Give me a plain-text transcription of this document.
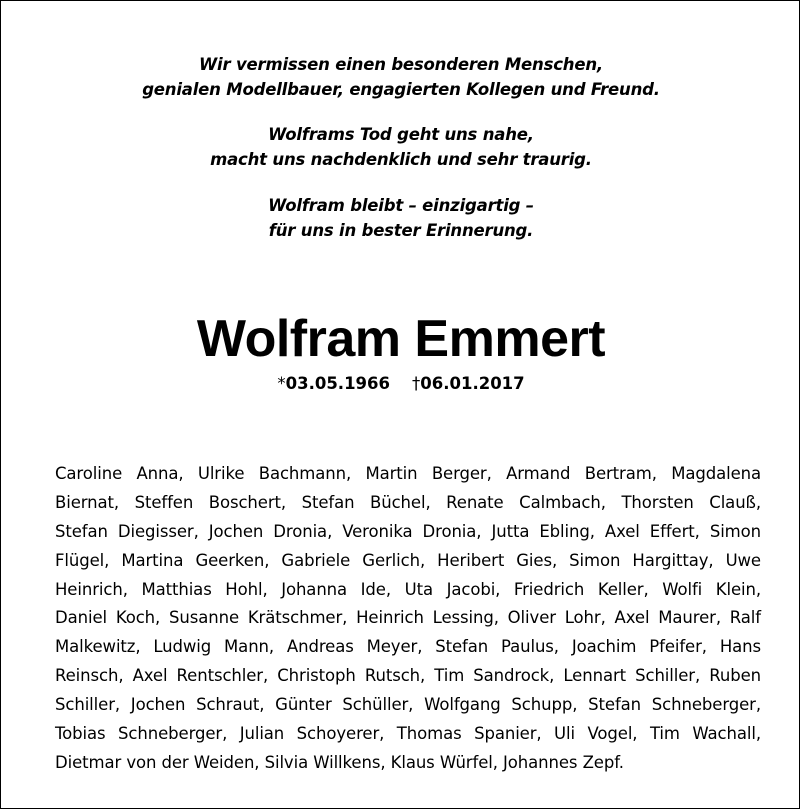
Wir vermissen einen besonderen Menschen,
genialen Modellbauer, engagierten Kollegen und Freund.
Wolframs Tod geht uns nahe,
macht uns nachdenklich und sehr traurig.
Wolfram bleibt – einzigartig –
für uns in bester Erinnerung.
Wolfram Emmert
*03.05.1966 †06.01.2017
Caroline Anna, Ulrike Bachmann, Martin Berger, Armand Bertram, Magdalena
Biernat, Steffen Boschert, Stefan Büchel, Renate Calmbach, Thorsten Clauß,
Stefan Diegisser, Jochen Dronia, Veronika Dronia, Jutta Ebling, Axel Effert, Simon
Flügel, Martina Geerken, Gabriele Gerlich, Heribert Gies, Simon Hargittay, Uwe
Heinrich, Matthias Hohl, Johanna Ide, Uta Jacobi, Friedrich Keller, Wolfi Klein,
Daniel Koch, Susanne Krätschmer, Heinrich Lessing, Oliver Lohr, Axel Maurer, Ralf
Malkewitz, Ludwig Mann, Andreas Meyer, Stefan Paulus, Joachim Pfeifer, Hans
Reinsch, Axel Rentschler, Christoph Rutsch, Tim Sandrock, Lennart Schiller, Ruben
Schiller, Jochen Schraut, Günter Schüller, Wolfgang Schupp, Stefan Schneberger,
Tobias Schneberger, Julian Schoyerer, Thomas Spanier, Uli Vogel, Tim Wachall,
Dietmar von der Weiden, Silvia Willkens, Klaus Würfel, Johannes Zepf.
